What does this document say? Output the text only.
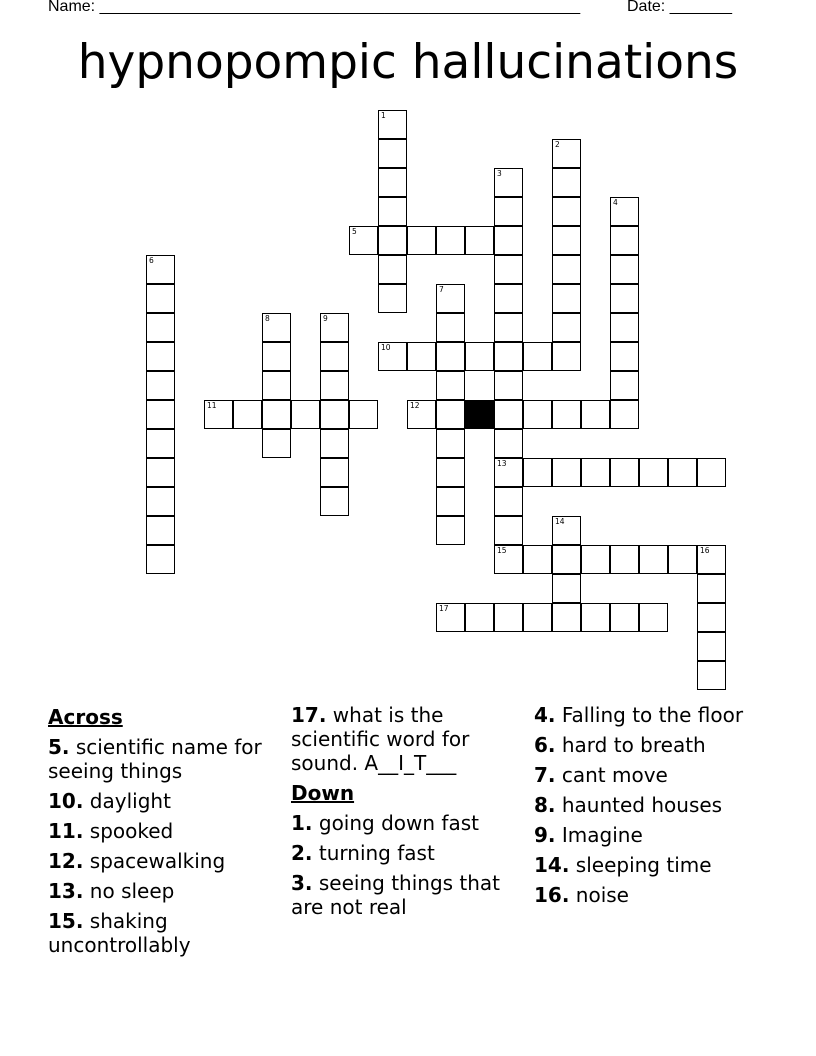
Name: ______________________________________________________	Date: _______
hypnopompic hallucinations
1
2
3
13
15
4
5
6
7
8	9
10
11	12
14
16
17
Across
5. scientific name for seeing things
10. daylight
11. spooked
12. spacewalking
13. no sleep
15. shaking uncontrollably
17. what is the scientific word for sound. A__I_T___
Down
1. going down fast
2. turning fast
3. seeing things that are not real
4. Falling to the floor
6. hard to breath
7. cant move
8. haunted houses
9. Imagine
14. sleeping time
16. noise
